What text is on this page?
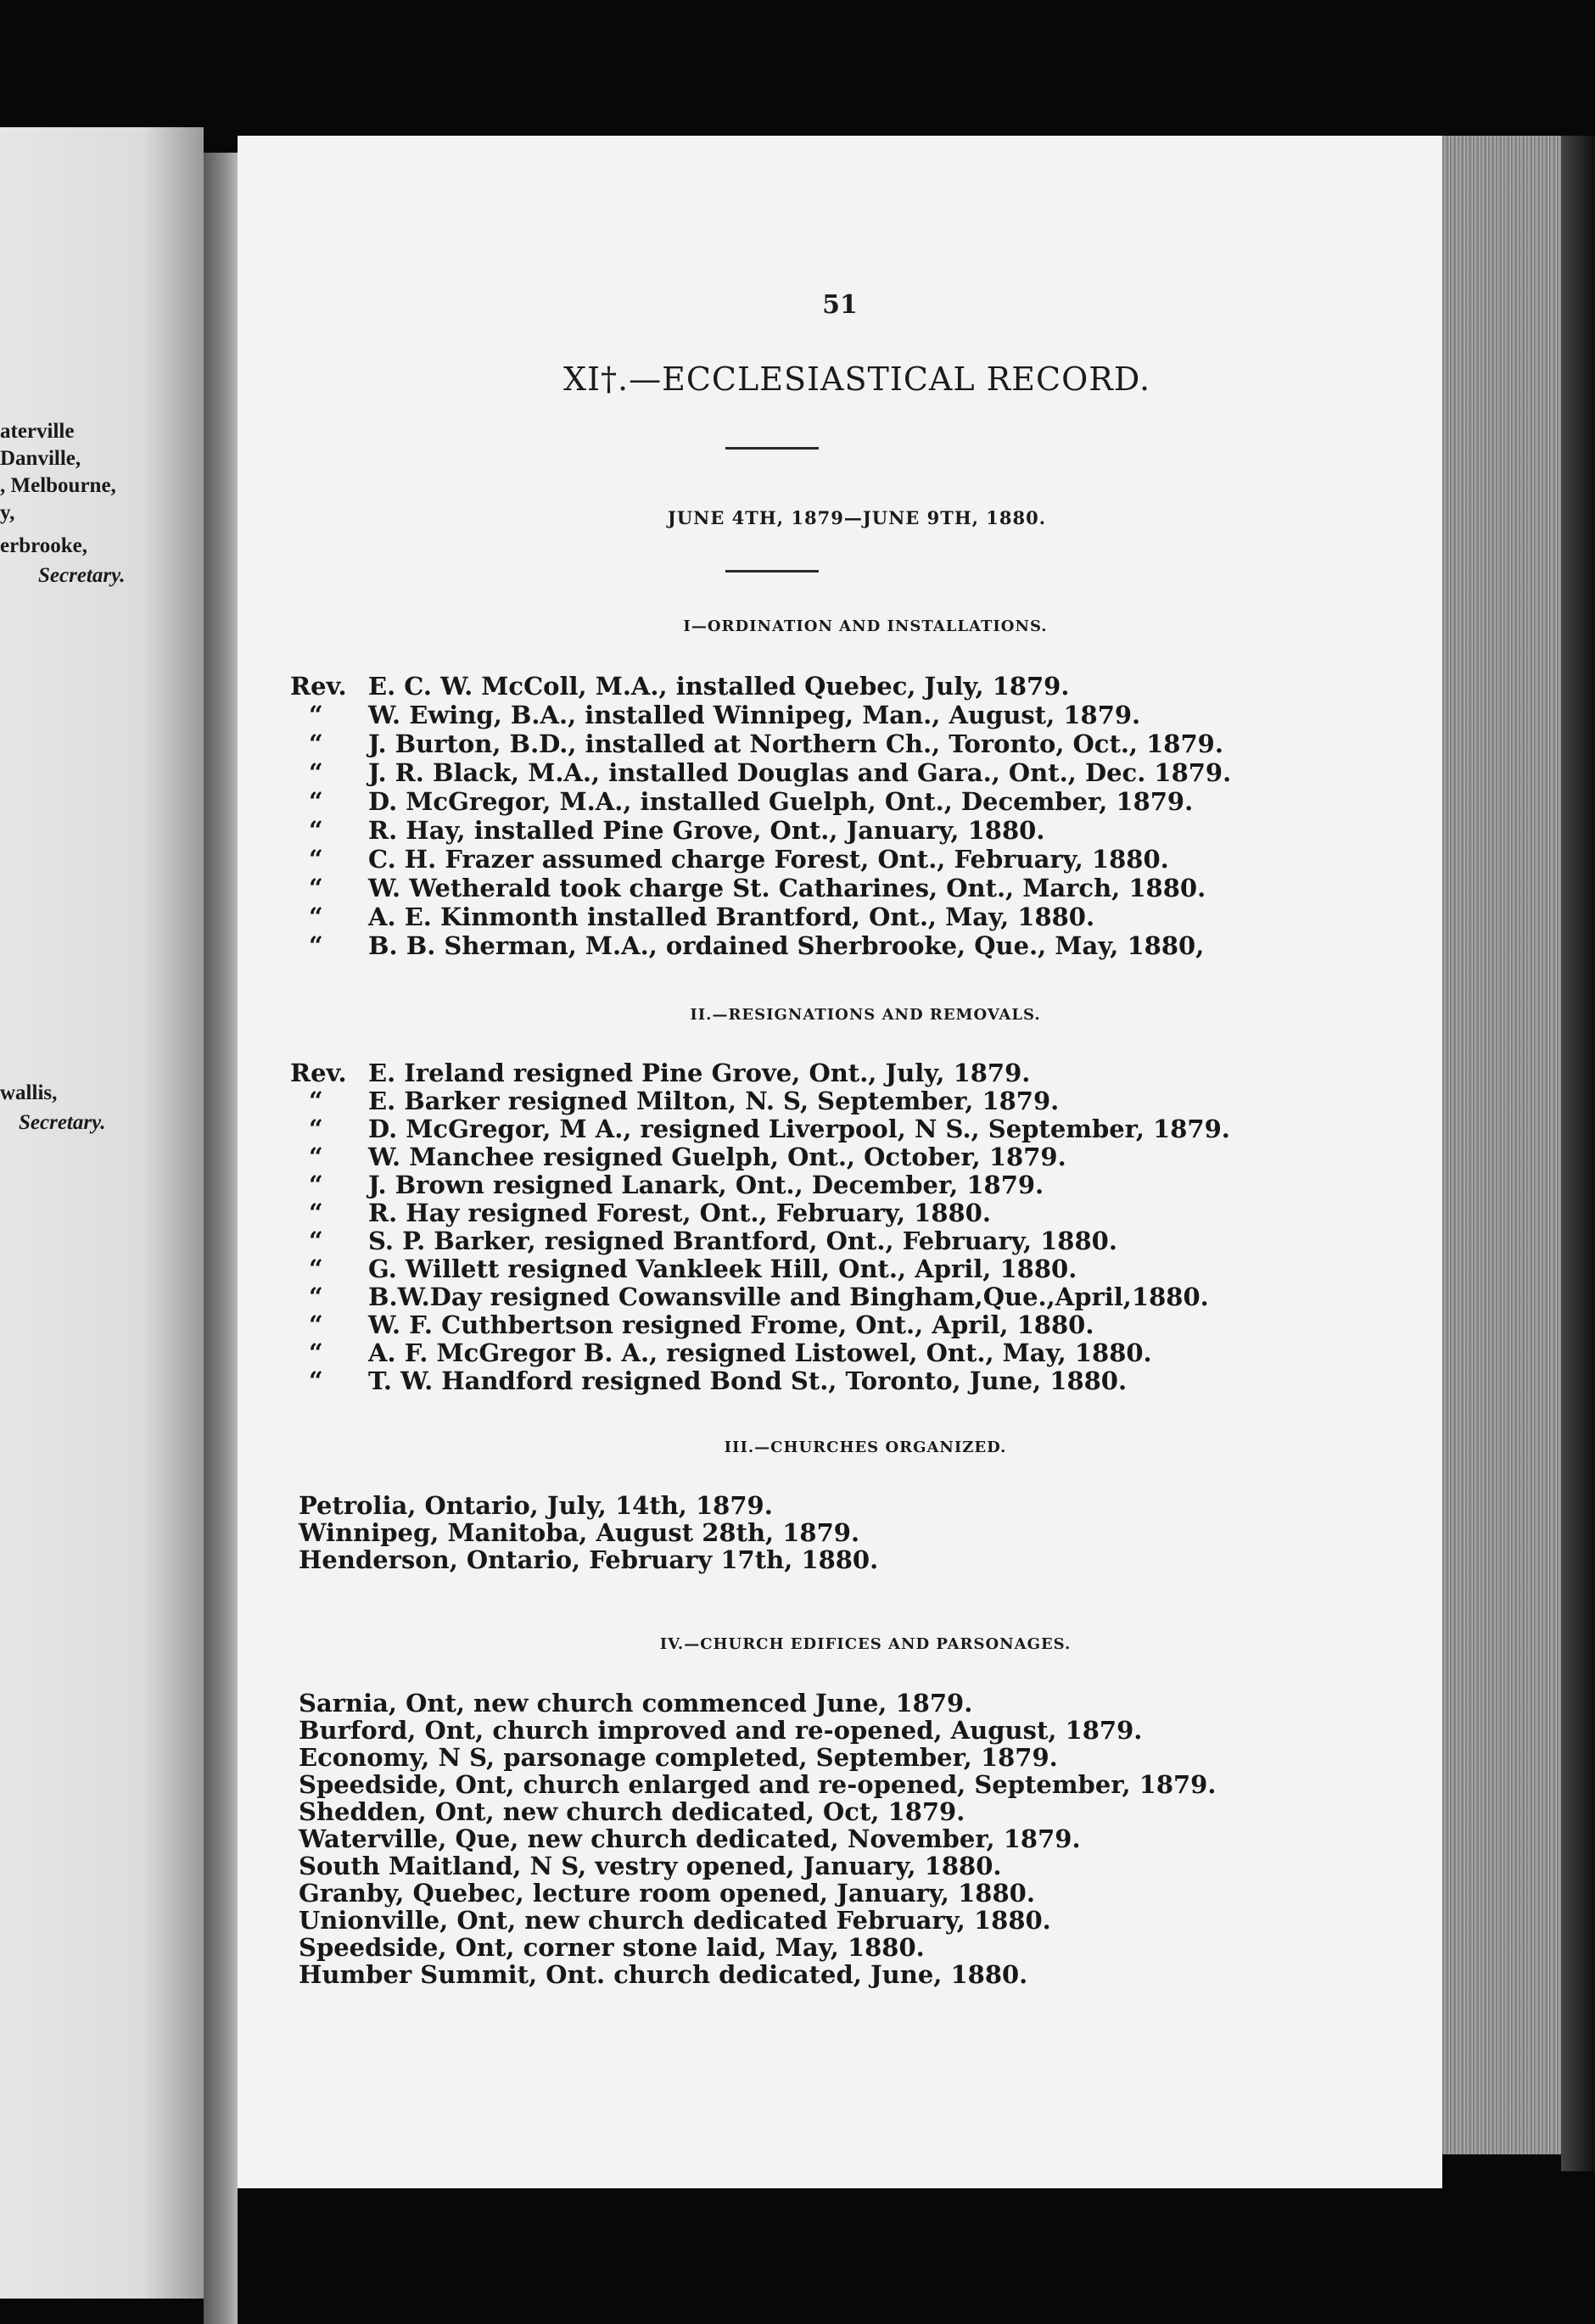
aterville
Danville,
, Melbourne,
y,
erbrooke,
Secretary.
wallis,
Secretary.
51
XI†.—ECCLESIASTICAL RECORD.
JUNE 4TH, 1879—JUNE 9TH, 1880.
I—ORDINATION AND INSTALLATIONS.
Rev. E. C. W. McColl, M.A., installed Quebec, July, 1879.
“ W. Ewing, B.A., installed Winnipeg, Man., August, 1879.
“ J. Burton, B.D., installed at Northern Ch., Toronto, Oct., 1879.
“ J. R. Black, M.A., installed Douglas and Gara., Ont., Dec. 1879.
“ D. McGregor, M.A., installed Guelph, Ont., December, 1879.
“ R. Hay, installed Pine Grove, Ont., January, 1880.
“ C. H. Frazer assumed charge Forest, Ont., February, 1880.
“ W. Wetherald took charge St. Catharines, Ont., March, 1880.
“ A. E. Kinmonth installed Brantford, Ont., May, 1880.
“ B. B. Sherman, M.A., ordained Sherbrooke, Que., May, 1880,
II.—RESIGNATIONS AND REMOVALS.
Rev. E. Ireland resigned Pine Grove, Ont., July, 1879.
“ E. Barker resigned Milton, N. S, September, 1879.
“ D. McGregor, M A., resigned Liverpool, N S., September, 1879.
“ W. Manchee resigned Guelph, Ont., October, 1879.
“ J. Brown resigned Lanark, Ont., December, 1879.
“ R. Hay resigned Forest, Ont., February, 1880.
“ S. P. Barker, resigned Brantford, Ont., February, 1880.
“ G. Willett resigned Vankleek Hill, Ont., April, 1880.
“ B.W.Day resigned Cowansville and Bingham,Que.,April,1880.
“ W. F. Cuthbertson resigned Frome, Ont., April, 1880.
“ A. F. McGregor B. A., resigned Listowel, Ont., May, 1880.
“ T. W. Handford resigned Bond St., Toronto, June, 1880.
III.—CHURCHES ORGANIZED.
Petrolia, Ontario, July, 14th, 1879.
Winnipeg, Manitoba, August 28th, 1879.
Henderson, Ontario, February 17th, 1880.
IV.—CHURCH EDIFICES AND PARSONAGES.
Sarnia, Ont, new church commenced June, 1879.
Burford, Ont, church improved and re-opened, August, 1879.
Economy, N S, parsonage completed, September, 1879.
Speedside, Ont, church enlarged and re-opened, September, 1879.
Shedden, Ont, new church dedicated, Oct, 1879.
Waterville, Que, new church dedicated, November, 1879.
South Maitland, N S, vestry opened, January, 1880.
Granby, Quebec, lecture room opened, January, 1880.
Unionville, Ont, new church dedicated February, 1880.
Speedside, Ont, corner stone laid, May, 1880.
Humber Summit, Ont. church dedicated, June, 1880.
